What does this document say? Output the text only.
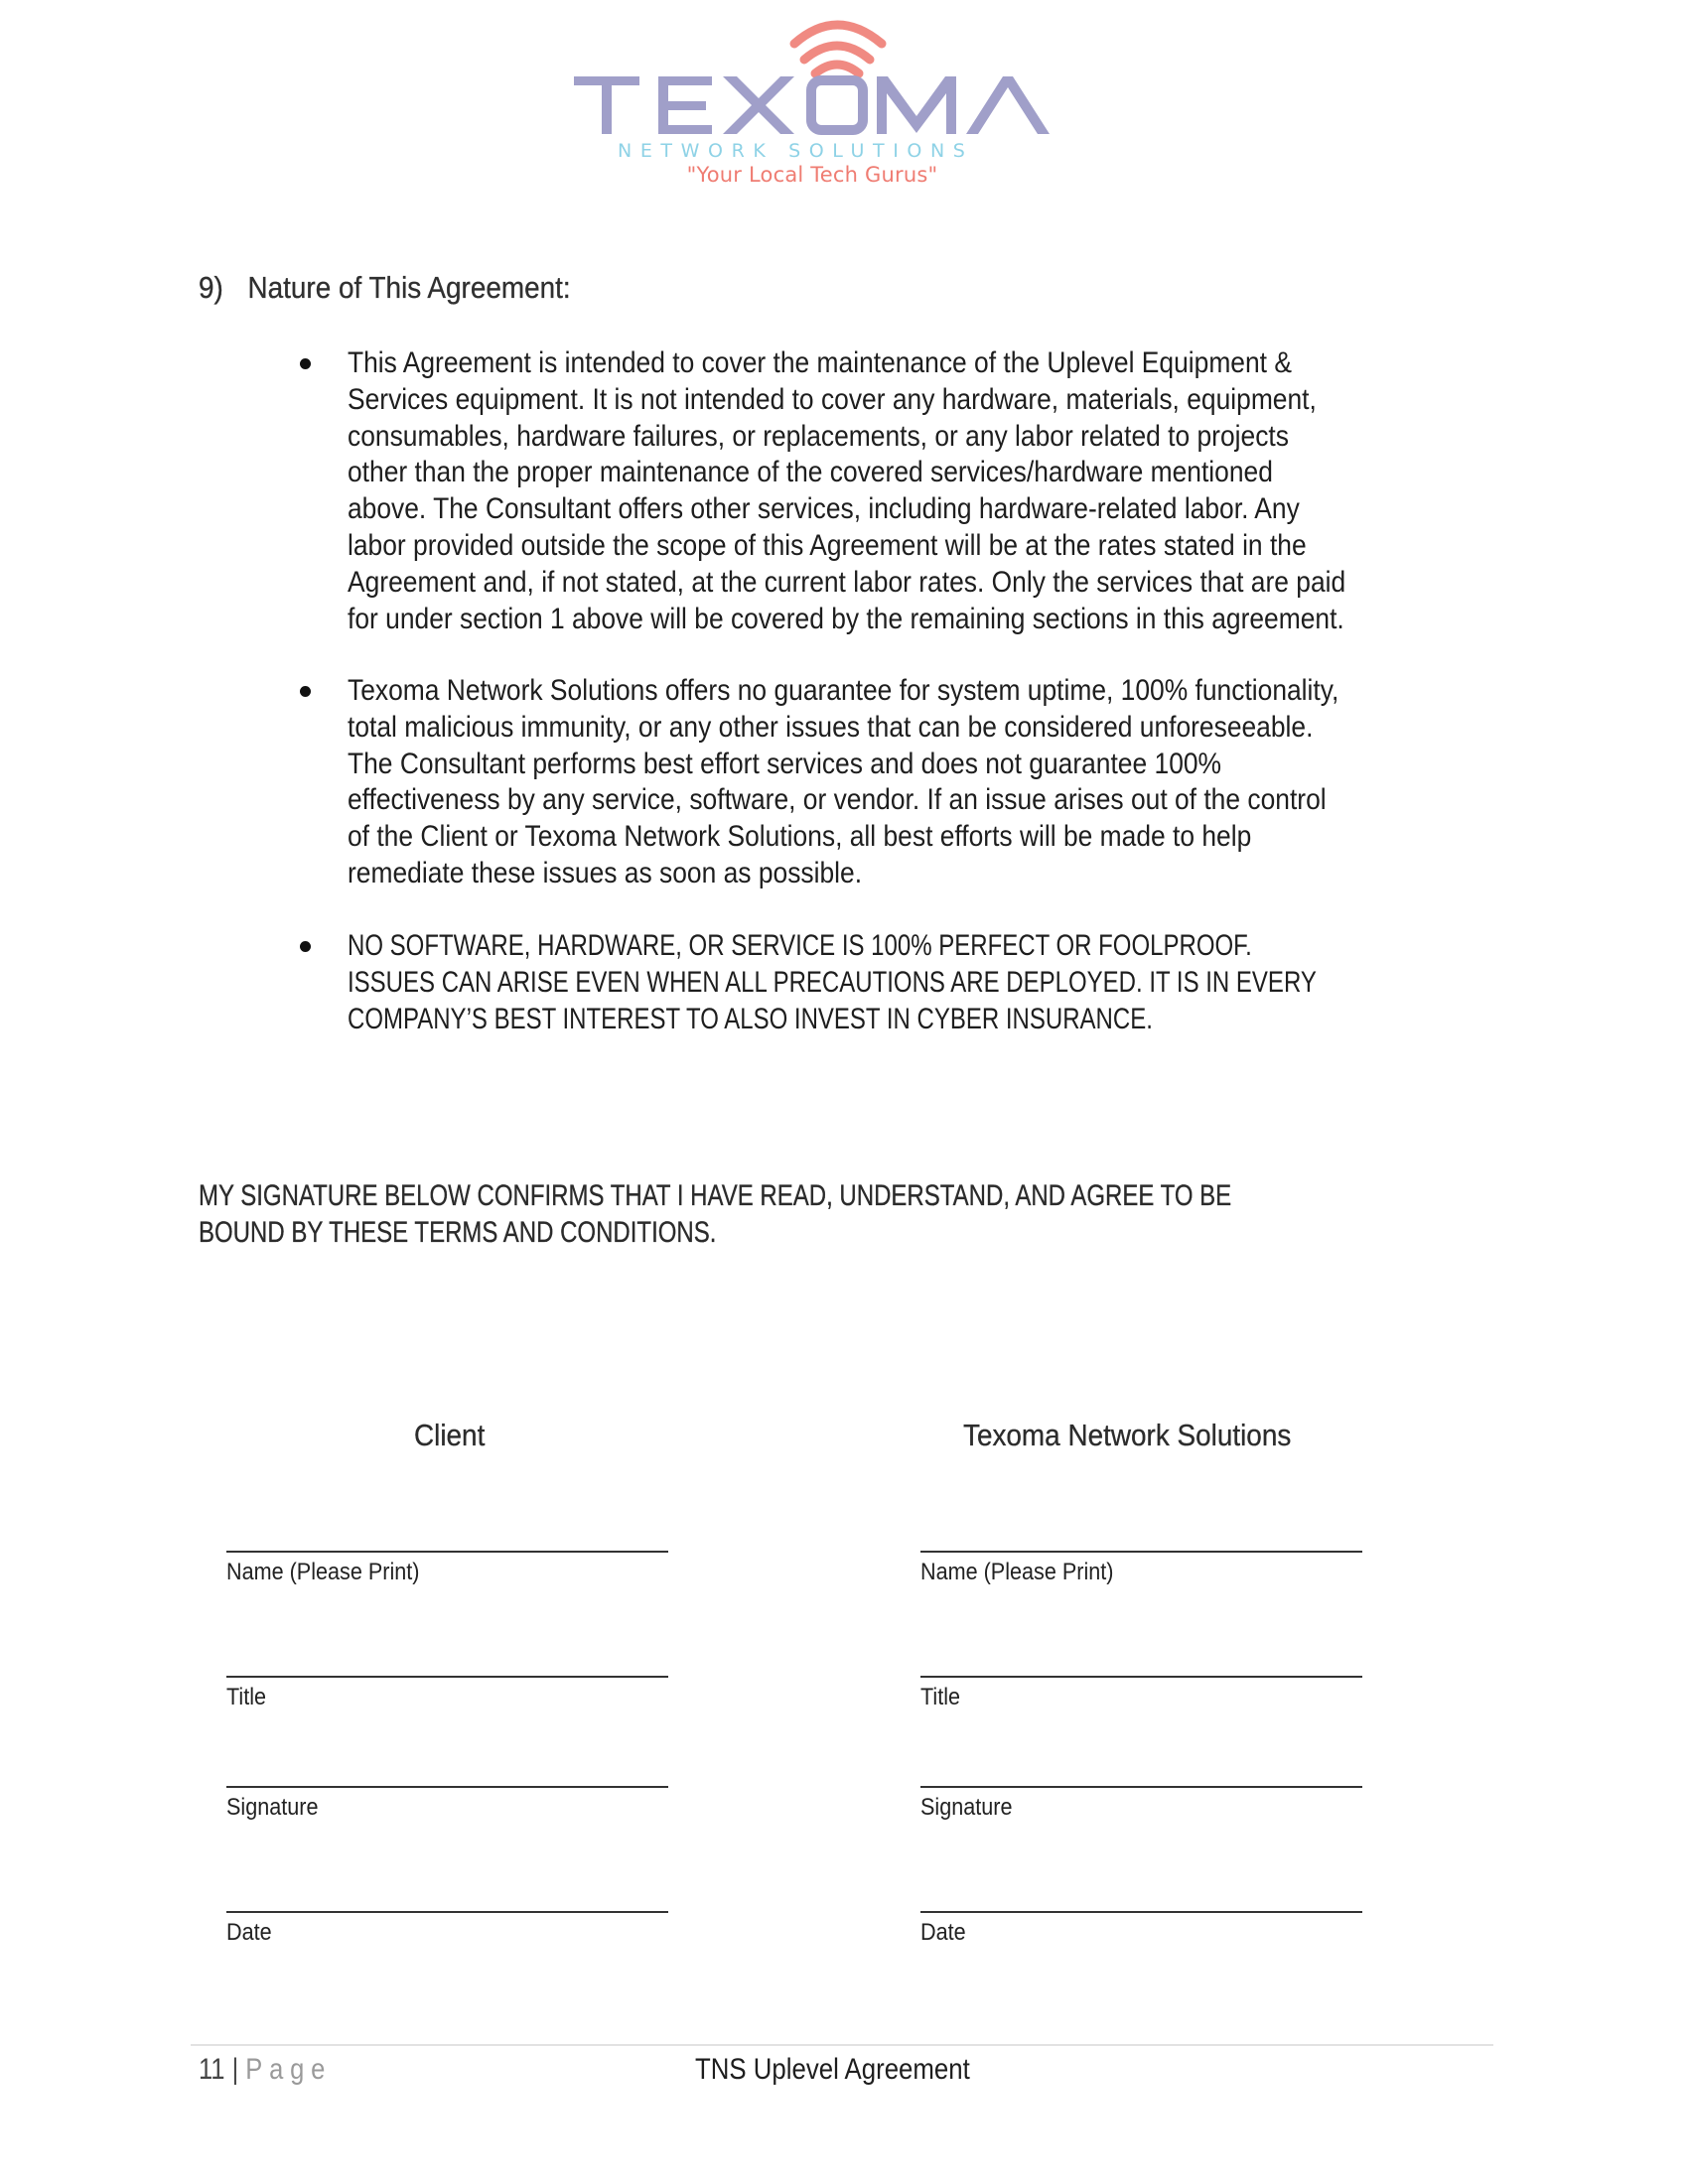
NETWORK SOLUTIONS
"Your Local Tech Gurus"
9) Nature of This Agreement:
This Agreement is intended to cover the maintenance of the Uplevel Equipment &
Services equipment. It is not intended to cover any hardware, materials, equipment,
consumables, hardware failures, or replacements, or any labor related to projects
other than the proper maintenance of the covered services/hardware mentioned
above. The Consultant offers other services, including hardware-related labor. Any
labor provided outside the scope of this Agreement will be at the rates stated in the
Agreement and, if not stated, at the current labor rates. Only the services that are paid
for under section 1 above will be covered by the remaining sections in this agreement.
Texoma Network Solutions offers no guarantee for system uptime, 100% functionality,
total malicious immunity, or any other issues that can be considered unforeseeable.
The Consultant performs best effort services and does not guarantee 100%
effectiveness by any service, software, or vendor. If an issue arises out of the control
of the Client or Texoma Network Solutions, all best efforts will be made to help
remediate these issues as soon as possible.
NO SOFTWARE, HARDWARE, OR SERVICE IS 100% PERFECT OR FOOLPROOF.
ISSUES CAN ARISE EVEN WHEN ALL PRECAUTIONS ARE DEPLOYED. IT IS IN EVERY
COMPANY’S BEST INTEREST TO ALSO INVEST IN CYBER INSURANCE.
MY SIGNATURE BELOW CONFIRMS THAT I HAVE READ, UNDERSTAND, AND AGREE TO BE
BOUND BY THESE TERMS AND CONDITIONS.
Client
Name (Please Print)
Title
Signature
Date
Texoma Network Solutions
Name (Please Print)
Title
Signature
Date
11 | Page	TNS Uplevel Agreement
